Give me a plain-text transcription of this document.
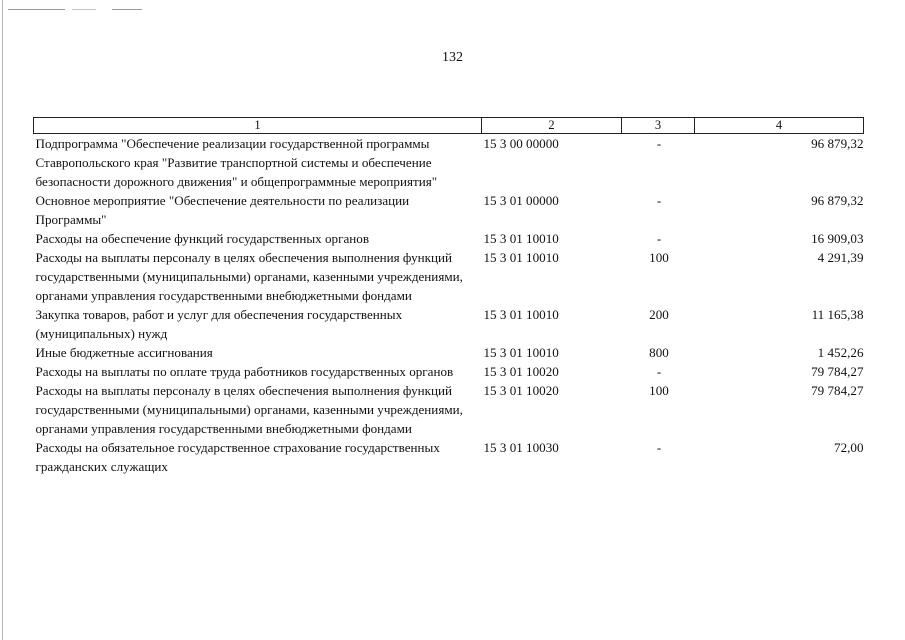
132
1	2	3	4
Подпрограмма "Обеспечение реализации государственной программы Ставропольского края "Развитие транспортной системы и обеспечение безопасности дорожного движения" и общепрограммные мероприятия"	15 3 00 00000	-	96 879,32
Основное мероприятие "Обеспечение деятельности по реализации Программы"	15 3 01 00000	-	96 879,32
Расходы на обеспечение функций государственных органов	15 3 01 10010	-	16 909,03
Расходы на выплаты персоналу в целях обеспечения выполнения функций государственными (муниципальными) органами, казенными учреждениями, органами управления государственными внебюджетными фондами	15 3 01 10010	100	4 291,39
Закупка товаров, работ и услуг для обеспечения государственных (муниципальных) нужд	15 3 01 10010	200	11 165,38
Иные бюджетные ассигнования	15 3 01 10010	800	1 452,26
Расходы на выплаты по оплате труда работников государственных органов	15 3 01 10020	-	79 784,27
Расходы на выплаты персоналу в целях обеспечения выполнения функций государственными (муниципальными) органами, казенными учреждениями, органами управления государственными внебюджетными фондами	15 3 01 10020	100	79 784,27
Расходы на обязательное государственное страхование государственных гражданских служащих	15 3 01 10030	-	72,00
